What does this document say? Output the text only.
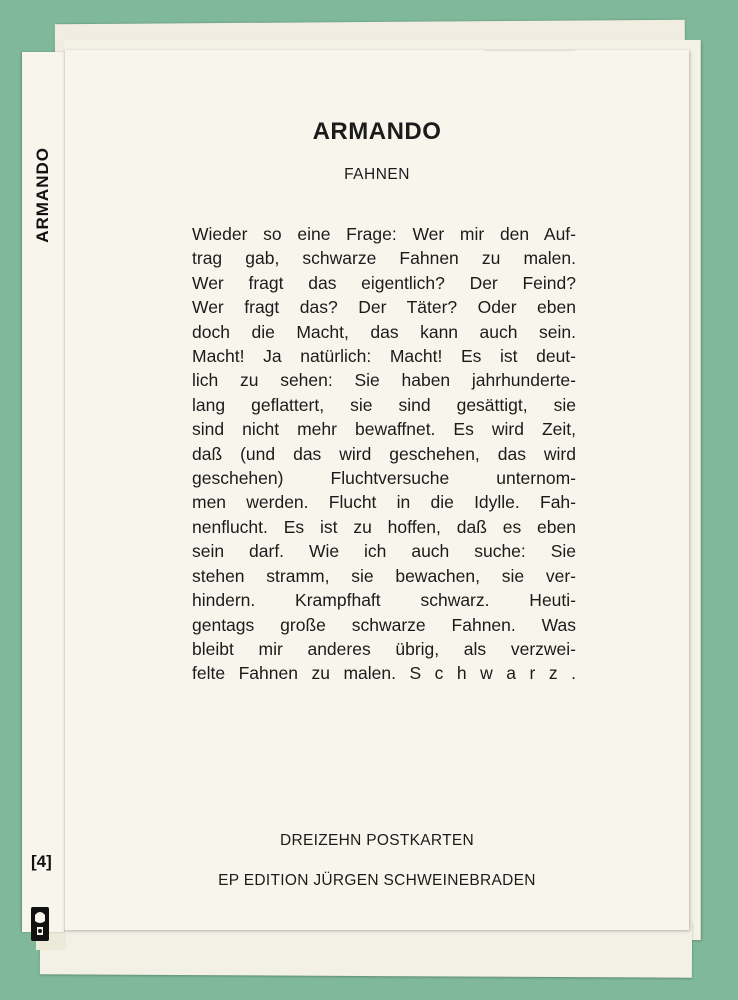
ARMANDO
[4]
ARMANDO
FAHNEN
Wieder so eine Frage: Wer mir den Auf-
trag gab, schwarze Fahnen zu malen.
Wer fragt das eigentlich? Der Feind?
Wer fragt das? Der Täter? Oder eben
doch die Macht, das kann auch sein.
Macht! Ja natürlich: Macht! Es ist deut-
lich zu sehen: Sie haben jahrhunderte-
lang geflattert, sie sind gesättigt, sie
sind nicht mehr bewaffnet. Es wird Zeit,
daß (und das wird geschehen, das wird
geschehen) Fluchtversuche unternom-
men werden. Flucht in die Idylle. Fah-
nenflucht. Es ist zu hoffen, daß es eben
sein darf. Wie ich auch suche: Sie
stehen stramm, sie bewachen, sie ver-
hindern. Krampfhaft schwarz. Heuti-
gentags große schwarze Fahnen. Was
bleibt mir anderes übrig, als verzwei-
felte Fahnen zu malen. S c h w a r z .
DREIZEHN POSTKARTEN
EP EDITION JÜRGEN SCHWEINEBRADEN
